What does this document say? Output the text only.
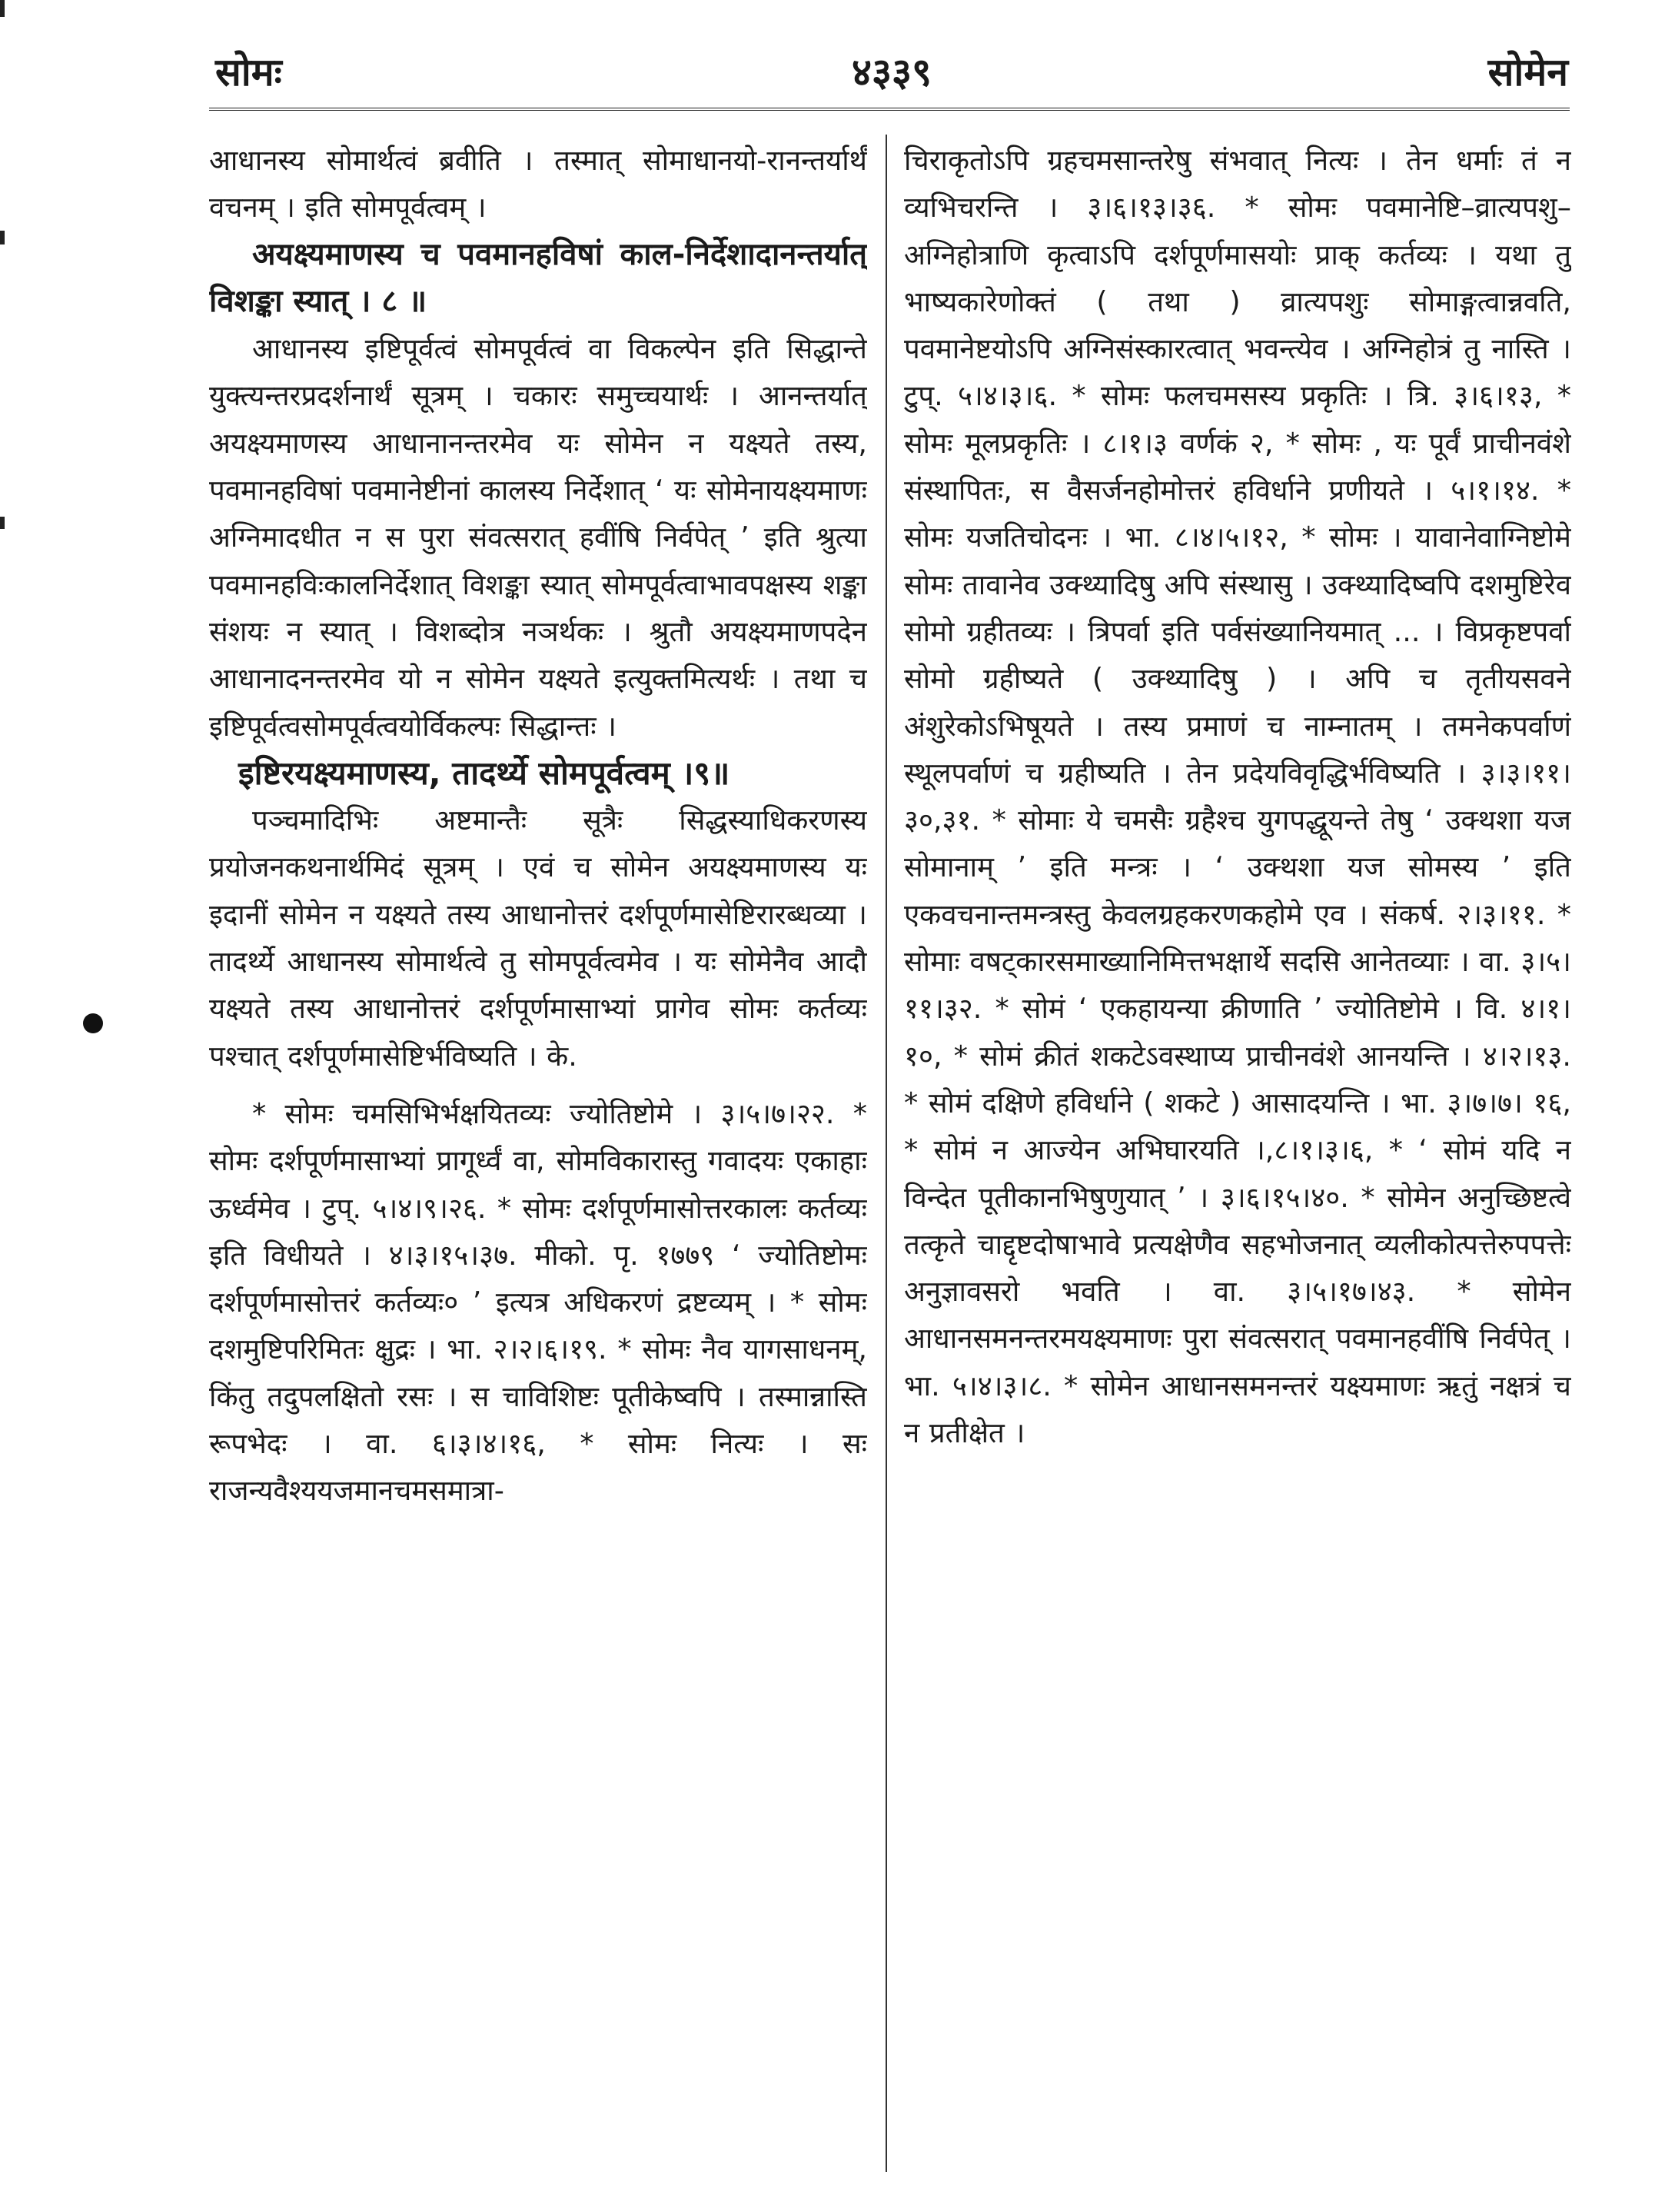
सोमः	४३३९	सोमेन

आधानस्य सोमार्थत्वं ब्रवीति । तस्मात् सोमाधानयो-रानन्तर्यार्थं वचनम् । इति सोमपूर्वत्वम् ।

अयक्ष्यमाणस्य च पवमानहविषां काल-निर्देशादानन्तर्यात् विशङ्का स्यात् । ८ ॥

आधानस्य इष्टिपूर्वत्वं सोमपूर्वत्वं वा विकल्पेन इति सिद्धान्ते युक्त्यन्तरप्रदर्शनार्थं सूत्रम् । चकारः समुच्चयार्थः । आनन्तर्यात् अयक्ष्यमाणस्य आधानानन्तरमेव यः सोमेन न यक्ष्यते तस्य, पवमानहविषां पवमानेष्टीनां कालस्य निर्देशात् ‘ यः सोमेनायक्ष्यमाणः अग्निमादधीत न स पुरा संवत्सरात् हवींषि निर्वपेत् ’ इति श्रुत्या पवमानहविःकालनिर्देशात् विशङ्का स्यात् सोमपूर्वत्वाभावपक्षस्य शङ्का संशयः न स्यात् । विशब्दोत्र नञर्थकः । श्रुतौ अयक्ष्यमाणपदेन आधानादनन्तरमेव यो न सोमेन यक्ष्यते इत्युक्तमित्यर्थः । तथा च इष्टिपूर्वत्वसोमपूर्वत्वयोर्विकल्पः सिद्धान्तः ।

इष्टिरयक्ष्यमाणस्य, तादर्थ्ये सोमपूर्वत्वम् ।९॥

पञ्चमादिभिः अष्टमान्तैः सूत्रैः सिद्धस्याधिकरणस्य प्रयोजनकथनार्थमिदं सूत्रम् । एवं च सोमेन अयक्ष्यमाणस्य यः इदानीं सोमेन न यक्ष्यते तस्य आधानोत्तरं दर्शपूर्णमासेष्टिरारब्धव्या । तादर्थ्ये आधानस्य सोमार्थत्वे तु सोमपूर्वत्वमेव । यः सोमेनैव आदौ यक्ष्यते तस्य आधानोत्तरं दर्शपूर्णमासाभ्यां प्रागेव सोमः कर्तव्यः पश्चात् दर्शपूर्णमासेष्टिर्भविष्यति । के.

* सोमः चमसिभिर्भक्षयितव्यः ज्योतिष्टोमे । ३।५।७।२२. * सोमः दर्शपूर्णमासाभ्यां प्रागूर्ध्वं वा, सोमविकारास्तु गवादयः एकाहाः ऊर्ध्वमेव । टुप्. ५।४।९।२६. * सोमः दर्शपूर्णमासोत्तरकालः कर्तव्यः इति विधीयते । ४।३।१५।३७. मीको. पृ. १७७९ ‘ ज्योतिष्टोमः दर्शपूर्णमासोत्तरं कर्तव्यः० ’ इत्यत्र अधिकरणं द्रष्टव्यम् । * सोमः दशमुष्टिपरिमितः क्षुद्रः । भा. २।२।६।१९. * सोमः नैव यागसाधनम्, किंतु तदुपलक्षितो रसः । स चाविशिष्टः पूतीकेष्वपि । तस्मान्नास्ति रूपभेदः । वा. ६।३।४।१६, * सोमः नित्यः । सः राजन्यवैश्ययजमानचमसमात्रा-

चिराकृतोऽपि ग्रहचमसान्तरेषु संभवात् नित्यः । तेन धर्माः तं न व्यभिचरन्ति । ३।६।१३।३६. * सोमः पवमानेष्टि–व्रात्यपशु–अग्निहोत्राणि कृत्वाऽपि दर्शपूर्णमासयोः प्राक् कर्तव्यः । यथा तु भाष्यकारेणोक्तं ( तथा ) व्रात्यपशुः सोमाङ्गत्वान्नवति, पवमानेष्टयोऽपि अग्निसंस्कारत्वात् भवन्त्येव । अग्निहोत्रं तु नास्ति । टुप्. ५।४।३।६. * सोमः फलचमसस्य प्रकृतिः । त्रि. ३।६।१३, * सोमः मूलप्रकृतिः । ८।१।३ वर्णकं २, * सोमः , यः पूर्वं प्राचीनवंशे संस्थापितः, स वैसर्जनहोमोत्तरं हविर्धाने प्रणीयते । ५।१।१४. * सोमः यजतिचोदनः । भा. ८।४।५।१२, * सोमः । यावानेवाग्निष्टोमे सोमः तावानेव उक्थ्यादिषु अपि संस्थासु । उक्थ्यादिष्वपि दशमुष्टिरेव सोमो ग्रहीतव्यः । त्रिपर्वा इति पर्वसंख्यानियमात् ... । विप्रकृष्टपर्वा सोमो ग्रहीष्यते ( उक्थ्यादिषु ) । अपि च तृतीयसवने अंशुरेकोऽभिषूयते । तस्य प्रमाणं च नाम्नातम् । तमनेकपर्वाणं स्थूलपर्वाणं च ग्रहीष्यति । तेन प्रदेयविवृद्धिर्भविष्यति । ३।३।११।३०,३१. * सोमाः ये चमसैः ग्रहैश्च युगपद्धूयन्ते तेषु ‘ उक्थशा यज सोमानाम् ’ इति मन्त्रः । ‘ उक्थशा यज सोमस्य ’ इति एकवचनान्तमन्त्रस्तु केवलग्रहकरणकहोमे एव । संकर्ष. २।३।११. * सोमाः वषट्कारसमाख्यानिमित्तभक्षार्थे सदसि आनेतव्याः । वा. ३।५। ११।३२. * सोमं ‘ एकहायन्या क्रीणाति ’ ज्योतिष्टोमे । वि. ४।१।१०, * सोमं क्रीतं शकटेऽवस्थाप्य प्राचीनवंशे आनयन्ति । ४।२।१३. * सोमं दक्षिणे हविर्धाने ( शकटे ) आसादयन्ति । भा. ३।७।७। १६, * सोमं न आज्येन अभिघारयति ।,८।१।३।६, * ‘ सोमं यदि न विन्देत पूतीकानभिषुणुयात् ’ । ३।६।१५।४०. * सोमेन अनुच्छिष्टत्वे तत्कृते चाद्दृष्टदोषाभावे प्रत्यक्षेणैव सहभोजनात् व्यलीकोत्पत्तेरुपपत्तेः अनुज्ञावसरो भवति । वा. ३।५।१७।४३. * सोमेन आधानसमनन्तरमयक्ष्यमाणः पुरा संवत्सरात् पवमानहवींषि निर्वपेत् । भा. ५।४।३।८. * सोमेन आधानसमनन्तरं यक्ष्यमाणः ऋतुं नक्षत्रं च न प्रतीक्षेत ।
